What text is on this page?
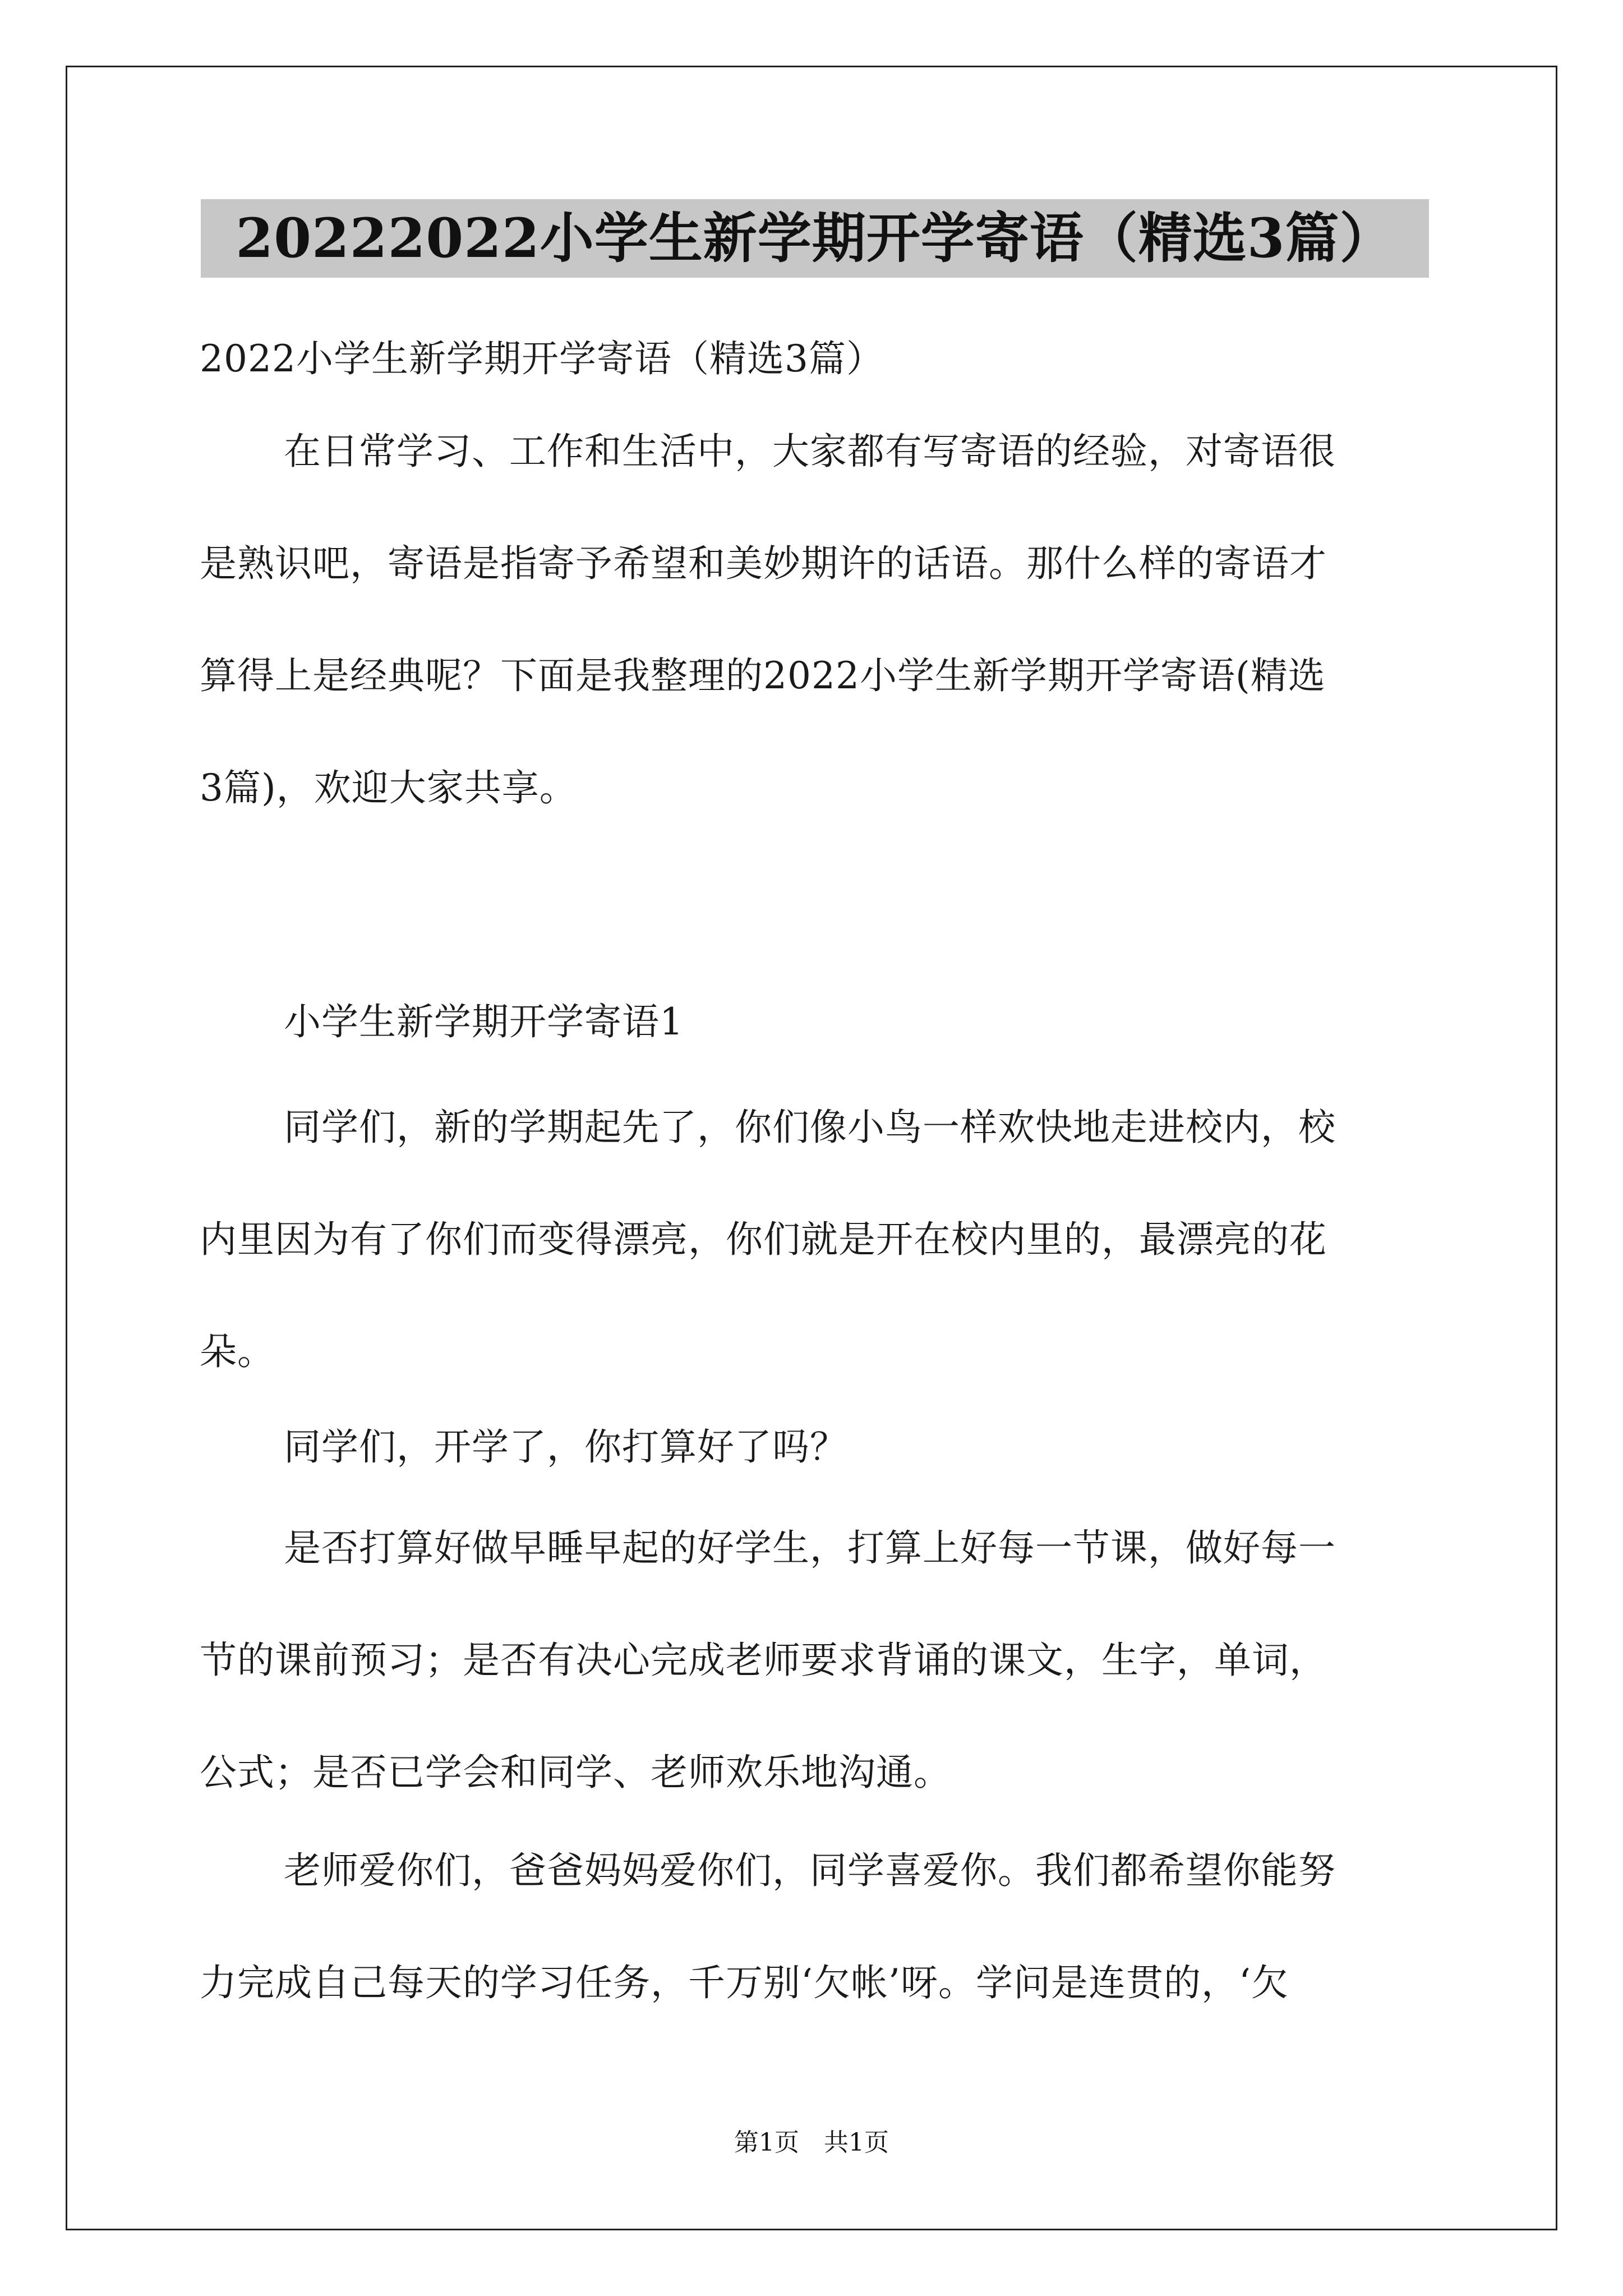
20222022小学生新学期开学寄语（精选3篇）

2022小学生新学期开学寄语（精选3篇）

在日常学习、工作和生活中，大家都有写寄语的经验，对寄语很

是熟识吧，寄语是指寄予希望和美妙期许的话语。那什么样的寄语才

算得上是经典呢？下面是我整理的2022小学生新学期开学寄语(精选

3篇)，欢迎大家共享。

小学生新学期开学寄语1

同学们，新的学期起先了，你们像小鸟一样欢快地走进校内，校

内里因为有了你们而变得漂亮，你们就是开在校内里的，最漂亮的花

朵。

同学们，开学了，你打算好了吗？

是否打算好做早睡早起的好学生，打算上好每一节课，做好每一

节的课前预习；是否有决心完成老师要求背诵的课文，生字，单词，

公式；是否已学会和同学、老师欢乐地沟通。

老师爱你们，爸爸妈妈爱你们，同学喜爱你。我们都希望你能努

力完成自己每天的学习任务，千万别‘欠帐’呀。学问是连贯的，‘欠

第1页　共1页
